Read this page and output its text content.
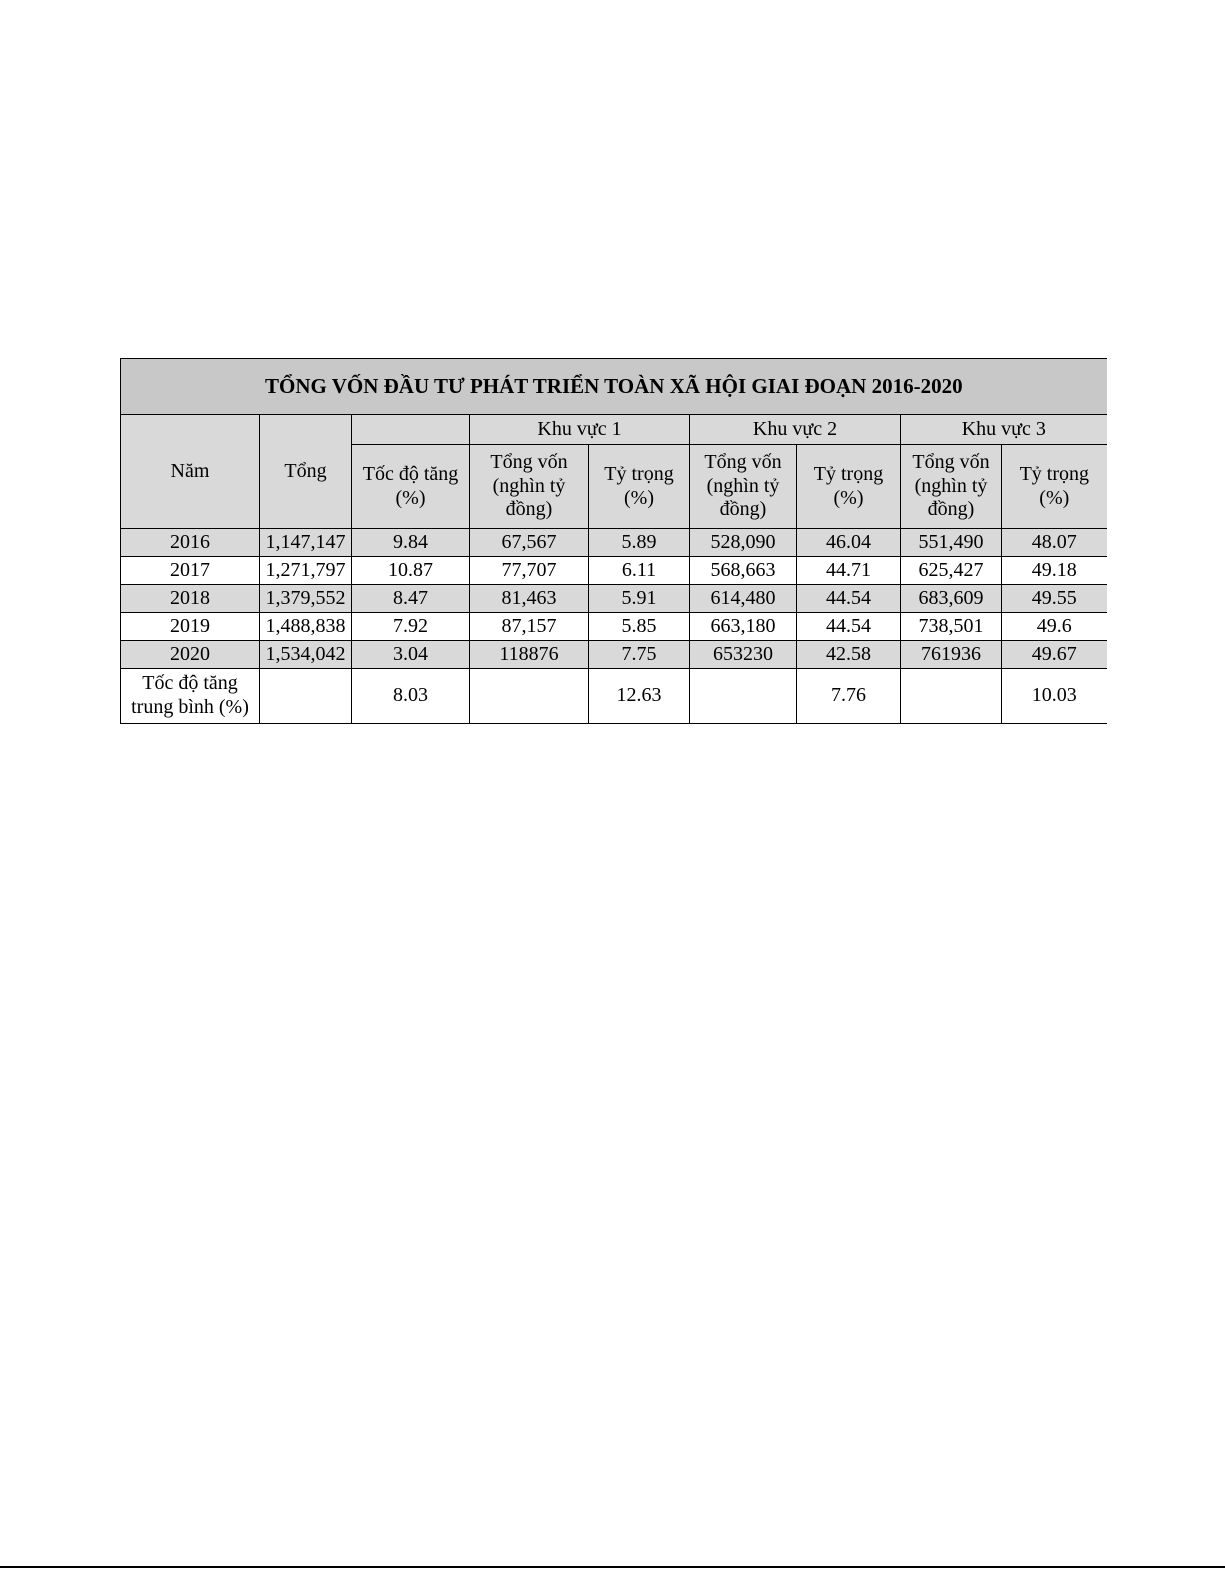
TỔNG VỐN ĐẦU TƯ PHÁT TRIỂN TOÀN XÃ HỘI GIAI ĐOẠN 2016-2020								
Năm	Tổng		Khu vực 1		Khu vực 2		Khu vực 3	
		Tốc độ tăng (%)	Tổng vốn (nghìn tỷ đồng)	Tỷ trọng (%)	Tổng vốn (nghìn tỷ đồng)	Tỷ trọng (%)	Tổng vốn (nghìn tỷ đồng)	Tỷ trọng (%)
2016	1,147,147	9.84	67,567	5.89	528,090	46.04	551,490	48.07
2017	1,271,797	10.87	77,707	6.11	568,663	44.71	625,427	49.18
2018	1,379,552	8.47	81,463	5.91	614,480	44.54	683,609	49.55
2019	1,488,838	7.92	87,157	5.85	663,180	44.54	738,501	49.6
2020	1,534,042	3.04	118876	7.75	653230	42.58	761936	49.67
Tốc độ tăng trung bình (%)		8.03		12.63		7.76		10.03
